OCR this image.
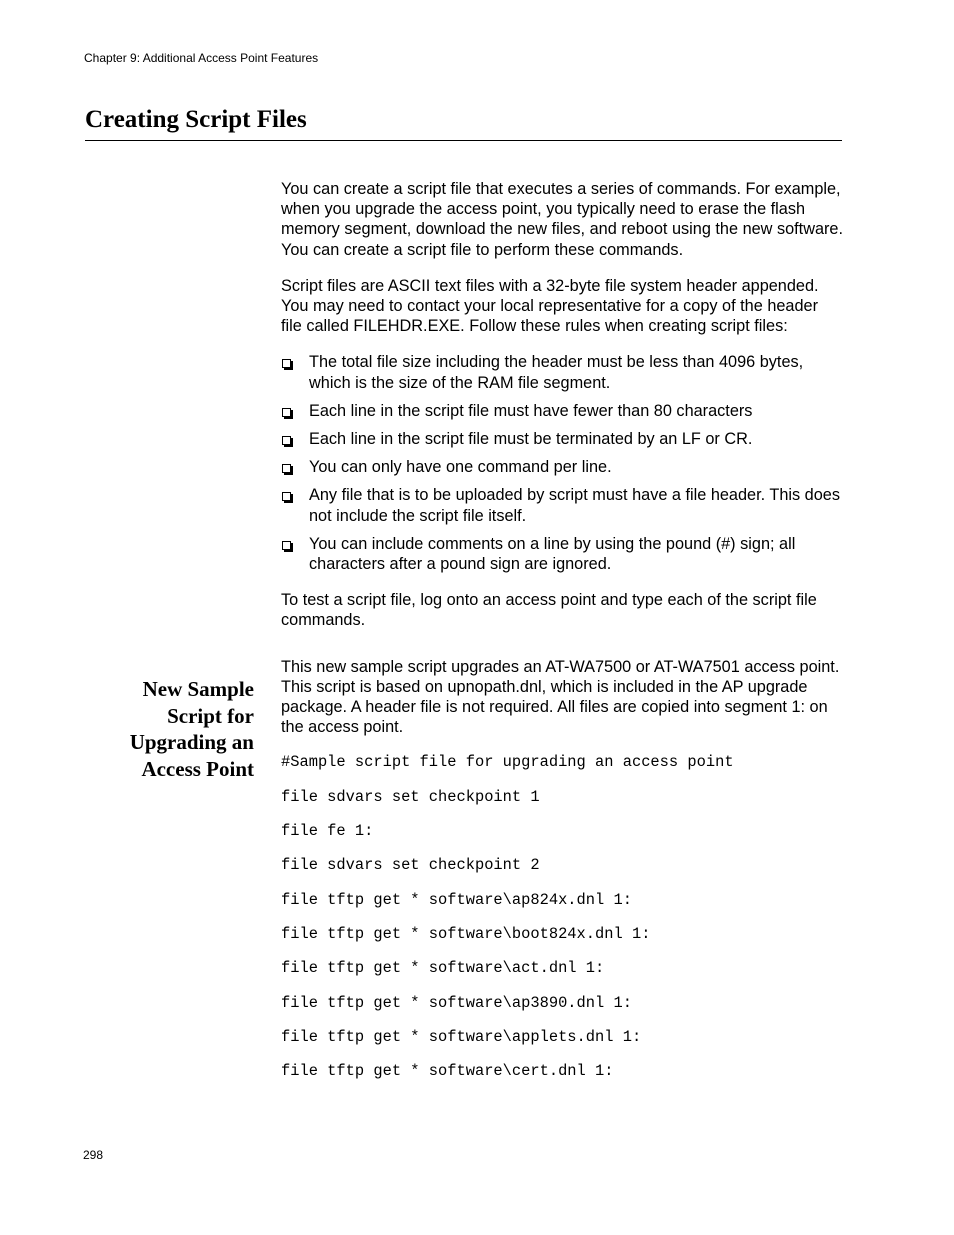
Chapter 9: Additional Access Point Features
Creating Script Files
New Sample
Script for
Upgrading an
Access Point

You can create a script file that executes a series of commands. For example, when you upgrade the access point, you typically need to erase the flash memory segment, download the new files, and reboot using the new software. You can create a script file to perform these commands.

Script files are ASCII text files with a 32-byte file system header appended. You may need to contact your local representative for a copy of the header file called FILEHDR.EXE. Follow these rules when creating script files:

The total file size including the header must be less than 4096 bytes, which is the size of the RAM file segment.
Each line in the script file must have fewer than 80 characters
Each line in the script file must be terminated by an LF or CR.
You can only have one command per line.
Any file that is to be uploaded by script must have a file header. This does not include the script file itself.
You can include comments on a line by using the pound (#) sign; all characters after a pound sign are ignored.

To test a script file, log onto an access point and type each of the script file commands.

This new sample script upgrades an AT-WA7500 or AT-WA7501 access point. This script is based on upnopath.dnl, which is included in the AP upgrade package. A header file is not required. All files are copied into segment 1: on the access point.

#Sample script file for upgrading an access point
file sdvars set checkpoint 1
file fe 1:
file sdvars set checkpoint 2
file tftp get * software\ap824x.dnl 1:
file tftp get * software\boot824x.dnl 1:
file tftp get * software\act.dnl 1:
file tftp get * software\ap3890.dnl 1:
file tftp get * software\applets.dnl 1:
file tftp get * software\cert.dnl 1:
298
